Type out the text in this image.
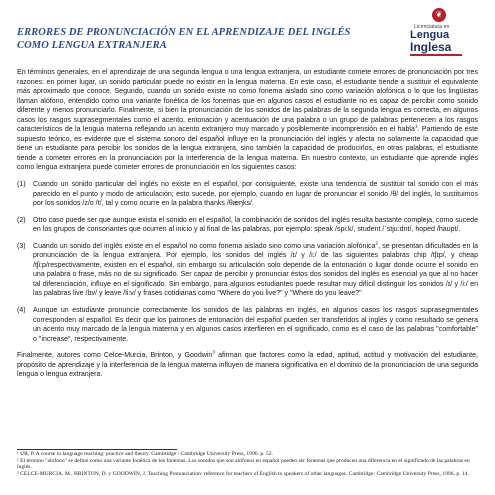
ERRORES DE PRONUNCIACIÓN EN EL APRENDIZAJE DEL INGLÉS
COMO LENGUA EXTRANJERA
❦
Licenciatura en
Lengua
Inglesa

En términos generales, en el aprendizaje de una segunda lengua o una lengua extranjera, un estudiante comete errores de pronunciación por tres razones: en primer lugar, un sonido particular puede no existir en la lengua materna. En este caso, el estudiante tiende a sustituir el equivalente más aproximado que conoce. Segundo, cuando un sonido existe no como fonema aislado sino como variación alofónica o lo que los lingüistas llaman alófono, entendido como una variante fonética de los fonemas que en algunos casos el estudiante no es capaz de percibir como sonido diferente y menos pronunciarlo. Finalmente, si bien la pronunciación de los sonidos de las palabras de la segunda lengua es correcta, en algunos casos los rasgos suprasegmentales como el acento, entonación y acentuación de una palabra o un grupo de palabras pertenecen a los rasgos característicos de la lengua materna reflejando un acento extranjero muy marcado y posiblemente incomprensión en el habla$^1$. Partiendo de este supuesto teórico, es evidente que el sistema sonoro del español influye en la pronunciación del inglés y afecta no solamente la capacidad que tiene un estudiante para percibir los sonidos de la lengua extranjera, sino también la capacidad de producirlos, en otras palabras, el estudiante tiende a cometer errores en la pronunciación por la interferencia de la lengua materna. En nuestro contexto, un estudiante que aprende inglés como lengua extranjera puede cometer errores de pronunciación en los siguientes casos:

(1) Cuando un sonido particular del inglés no existe en el español, por consiguiente, existe una tendencia de sustituir tal sonido con el más parecido en el punto y modo de articulación; esto sucede, por ejemplo, cuando en lugar de pronunciar el sonido /θ/ del inglés, lo sustituimos por los sonidos /z/o /t/, tal y como ocurre en la palabra thanks /θæŋks/.
(2) Otro caso puede ser que aunque exista el sonido en el español, la combinación de sonidos del inglés resulta bastante compleja, como sucede en los grupos de consonantes que ocurren al inicio y al final de las palabras, por ejemplo: speak /spi:k/, student /ˈstju:dnt/, hoped /haʊpt/.
(3) Cuando un sonido del inglés existe en el español no como fonema aislado sino como una variación alofónica$^2$, se presentan dificultades en la pronunciación de la lengua extranjera. Por ejemplo, los sonidos del inglés /ɪ/ y /i:/ de las siguientes palabras chip /tʃɪp/, y cheap /tʃi:p/respectivamente, existen en el español, sin embargo su articulación solo depende de la entonación o lugar donde ocurre el sonido en una palabra o frase, más no de su significado. Ser capaz de percibir y pronunciar éstos dos sonidos del inglés es esencial ya que al no hacer tal diferenciación, influye en el significado. Sin embargo, para algunos estudiantes puede resultar muy difícil distinguir los sonidos /ɪ/ y /i:/ en las palabras live /lɪv/ y leave /li:v/ y frases cotidianas como "Where do you live?" y "Where do you leave?"
(4) Aunque un estudiante pronuncie correctamente los sonidos de las palabras en inglés, en algunos casos los rasgos suprasegmentales corresponden al español. Es decir que los patrones de entonación del español pueden ser transferidos al inglés y como resultado se genera un acento muy marcado de la lengua materna y en algunos casos interfieren en el significado, como es el caso de las palabras "comfortable" o "increase", respectivamente.

Finalmente, autores como Celce-Murcia, Brinton, y Goodwin$^3$ afirman que factores como la edad, aptitud, actitud y motivación del estudiante, propósito de aprendizaje y la interferencia de la lengua materna influyen de manera significativa en el dominio de la pronunciación de una segunda lengua o lengua extranjera.

¹ UR, P. A course in language teaching: practice and theory. Cambridge : Cambridge University Press, 1996. p. 52.
² El término "alófono" se define como una variante fonética de los fonemas. Los sonidos que son alófonos en español pueden ser fonemas que producen una diferencia en el significado de las palabras en inglés.
³ CELCE-MURCIA, M., BRINTON, D. y GOODWIN, J. Teaching Pronunciation: reference for teachers of English to speakers of other languages. Cambridge: Cambridge University Press, 1996. p. 14.
